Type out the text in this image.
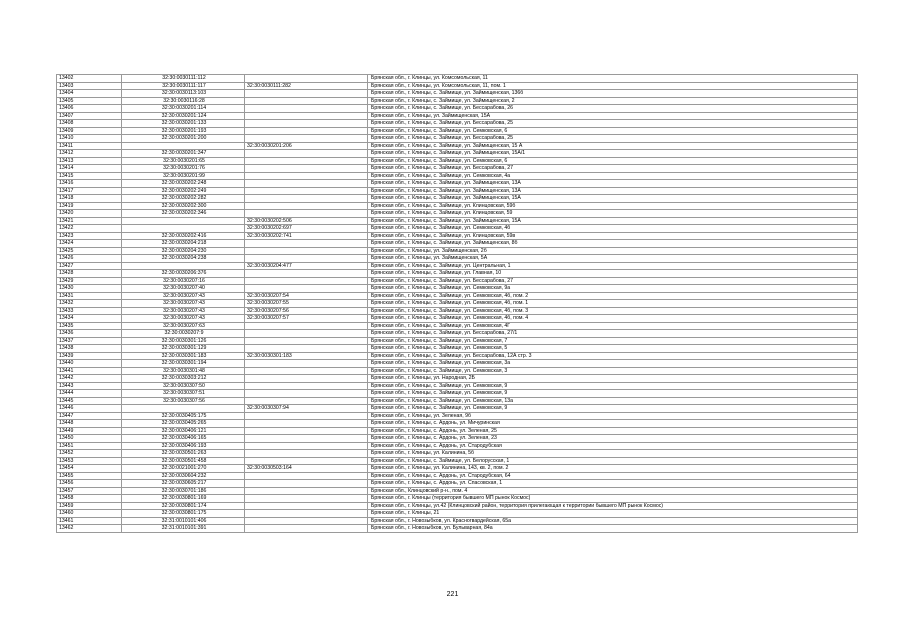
13402	32:30:0030111:112		Брянская обл., г. Клинцы, ул. Комсомольская, 11
13403	32:30:0030111:117	32:30:0030111:282	Брянская обл., г. Клинцы, ул. Комсомольская, 11, пом. 1
13404	32:30:0030113:103		Брянская обл., г. Клинцы, с. Займище, ул. Займищенская, 136б
13405	32:30:0030116:28		Брянская обл., г. Клинцы, с. Займище, ул. Займищенская, 2
13406	32:30:0030201:114		Брянская обл., г. Клинцы, с. Займище, ул. Бессарабова, 26
13407	32:30:0030201:124		Брянская обл., г. Клинцы, ул. Займищенская, 15А
13408	32:30:0030201:133		Брянская обл., г. Клинцы, с. Займище, ул. Бессарабова, 25
13409	32:30:0030201:193		Брянская обл., г. Клинцы, с. Займище, ул. Семковская, 6
13410	32:30:0030201:200		Брянская обл., г. Клинцы, с. Займище, ул. Бессарабова, 25
13411		32:30:0030201:206	Брянская обл., г. Клинцы, с. Займище, ул. Займищенская, 15 А
13412	32:30:0030201:347		Брянская обл., г. Клинцы, с. Займище, ул. Займищенская, 15А/1
13413	32:30:0030201:65		Брянская обл., г. Клинцы, с. Займище, ул. Семковская, 6
13414	32:30:0030201:76		Брянская обл., г. Клинцы, с. Займище, ул. Бессарабова, 27
13415	32:30:0030201:99		Брянская обл., г. Клинцы, с. Займище, ул. Семковская, 4а
13416	32:30:0030202:248		Брянская обл., г. Клинцы, с. Займище, ул. Займищенская, 13А
13417	32:30:0030202:249		Брянская обл., г. Клинцы, с. Займище, ул. Займищенская, 13А
13418	32:30:0030202:282		Брянская обл., г. Клинцы, с. Займище, ул. Займищенская, 15А
13419	32:30:0030202:300		Брянская обл., г. Клинцы, с. Займище, ул. Клинцовская, 59б
13420	32:30:0030202:346		Брянская обл., г. Клинцы, с. Займище, ул. Клинцовская, 59
13421		32:30:0030202:506	Брянская обл., г. Клинцы, с. Займище, ул. Займищенская, 15А
13422		32:30:0030202:697	Брянская обл., г. Клинцы, с. Займище, ул. Семковская, 4б
13423	32:30:0030202:416	32:30:0030202:741	Брянская обл., г. Клинцы, с. Займище, ул. Клинцовская, 59в
13424	32:30:0030204:218		Брянская обл., г. Клинцы, с. Займище, ул. Займищенская, 8б
13425	32:30:0030204:230		Брянская обл., г. Клинцы, ул. Займищенская, 2б
13426	32:30:0030204:238		Брянская обл., г. Клинцы, ул. Займищенская, 5А
13427		32:30:0030204:477	Брянская обл., г. Клинцы, с. Займище, ул. Центральная, 1
13428	32:30:0030206:376		Брянская обл., г. Клинцы, с. Займище, ул. Главная, 10
13429	32:30:0030207:16		Брянская обл., г. Клинцы, с. Займище, ул. Бессарабова, 27
13430	32:30:0030207:40		Брянская обл., г. Клинцы, с. Займище, ул. Семковская, 9а
13431	32:30:0030207:43	32:30:0030207:54	Брянская обл., г. Клинцы, с. Займище, ул. Семковская, 4б, пом. 2
13432	32:30:0030207:43	32:30:0030207:55	Брянская обл., г. Клинцы, с. Займище, ул. Семковская, 4б, пом. 1
13433	32:30:0030207:43	32:30:0030207:56	Брянская обл., г. Клинцы, с. Займище, ул. Семковская, 4б, пом. 3
13434	32:30:0030207:43	32:30:0030207:57	Брянская обл., г. Клинцы, с. Займище, ул. Семковская, 4б, пом. 4
13435	32:30:0030207:63		Брянская обл., г. Клинцы, с. Займище, ул. Семковская, 4Г
13436	32:30:0030207:9		Брянская обл., г. Клинцы, с. Займище, ул. Бессарабова, 27/1
13437	32:30:0030301:126		Брянская обл., г. Клинцы, с. Займище, ул. Семковская, 7
13438	32:30:0030301:129		Брянская обл., г. Клинцы, с. Займище, ул. Семковская, 5
13439	32:30:0030301:183	32:30:0030301:183	Брянская обл., г. Клинцы, с. Займище, ул. Бессарабова, 12А стр. 3
13440	32:30:0030301:194		Брянская обл., г. Клинцы, с. Займище, ул. Семковская, 3а
13441	32:30:0030301:48		Брянская обл., г. Клинцы, с. Займище, ул. Семковская, 3
13442	32:30:0030303:212		Брянская обл., г. Клинцы, ул. Народная, 2Б
13443	32:30:0030307:50		Брянская обл., г. Клинцы, с. Займище, ул. Семковская, 9
13444	32:30:0030307:51		Брянская обл., г. Клинцы, с. Займище, ул. Семковская, 9
13445	32:30:0030307:56		Брянская обл., г. Клинцы, с. Займище, ул. Семковская, 13а
13446		32:30:0030307:94	Брянская обл., г. Клинцы, с. Займище, ул. Семковская, 9
13447	32:30:0030405:175		Брянская обл., г. Клинцы, ул. Зеленая, 9б
13448	32:30:0030405:265		Брянская обл., г. Клинцы, с. Ардонь, ул. Мичуринская
13449	32:30:0030406:121		Брянская обл., г. Клинцы, с. Ардонь, ул. Зеленая, 25
13450	32:30:0030406:165		Брянская обл., г. Клинцы, с. Ардонь, ул. Зеленая, 23
13451	32:30:0030406:193		Брянская обл., г. Клинцы, с. Ардонь, ул. Стародубская
13452	32:30:0030501:263		Брянская обл., г. Клинцы, ул. Калинина, 5б
13453	32:30:0030501:458		Брянская обл., г. Клинцы, с. Займище, ул. Белорусская, 1
13454	32:30:0021001:270	32:30:0030503:164	Брянская обл., г. Клинцы, ул. Калинина, 143, кв. 2, пом. 2
13455	32:30:0030604:232		Брянская обл., г. Клинцы, с. Ардонь, ул. Стародубская, 64
13456	32:30:0030605:217		Брянская обл., г. Клинцы, с. Ардонь, ул. Спасовская, 1
13457	32:30:0030701:186		Брянская обл., Клинцовский р-н., пом. 4
13458	32:30:0030801:169		Брянская обл., г. Клинцы (территория бывшего МП рынок Космос)
13459	32:30:0030801:174		Брянская обл., г. Клинцы, ул.42 (Клинцовский район, территория прилегающая к территории бывшего МП рынок Космос)
13460	32:30:0030801:175		Брянская обл., г. Клинцы, 21
13461	32:31:0010101:406		Брянская обл., г. Новозыбков, ул. Красногвардейская, 65а
13462	32:31:0010101:391		Брянская обл., г. Новозыбков, ул. Бульварная, 84а
221
